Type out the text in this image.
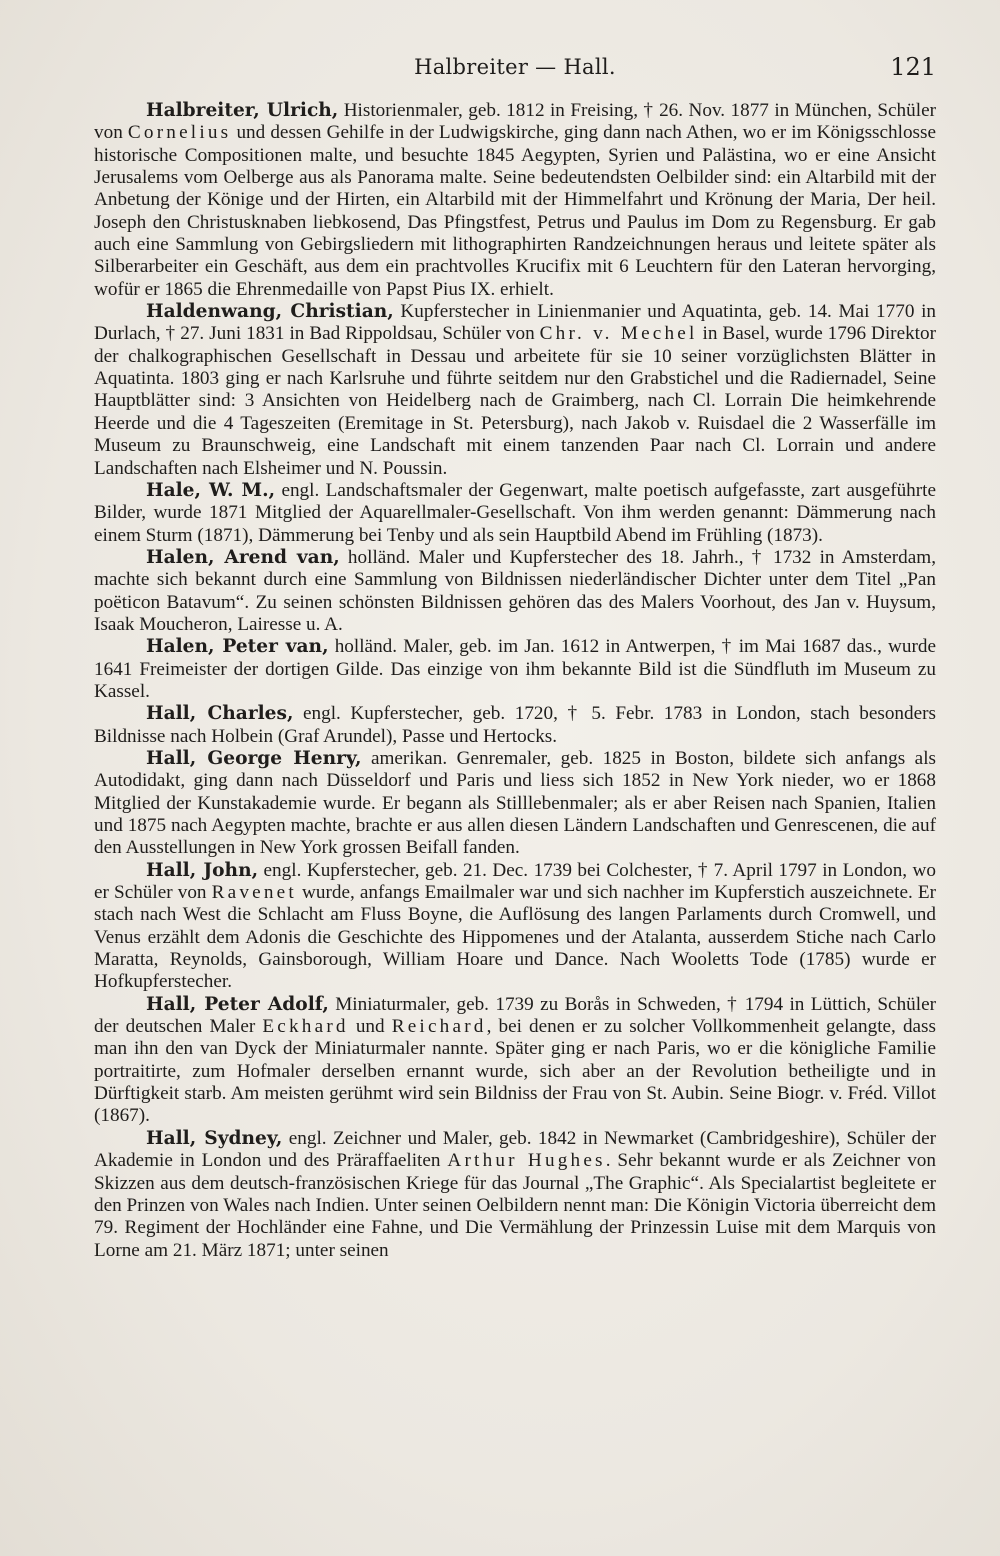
Halbreiter — Hall.	121

Halbreiter, Ulrich, Historienmaler, geb. 1812 in Freising, † 26. Nov. 1877 in München, Schüler von Cornelius und dessen Gehilfe in der Ludwigskirche, ging dann nach Athen, wo er im Königsschlosse historische Compositionen malte, und besuchte 1845 Aegypten, Syrien und Palästina, wo er eine Ansicht Jerusalems vom Oelberge aus als Panorama malte. Seine bedeutendsten Oelbilder sind: ein Altarbild mit der Anbetung der Könige und der Hirten, ein Altarbild mit der Himmelfahrt und Krönung der Maria, Der heil. Joseph den Christusknaben liebkosend, Das Pfingstfest, Petrus und Paulus im Dom zu Regensburg. Er gab auch eine Sammlung von Gebirgsliedern mit lithographirten Randzeichnungen heraus und leitete später als Silberarbeiter ein Geschäft, aus dem ein prachtvolles Krucifix mit 6 Leuchtern für den Lateran hervorging, wofür er 1865 die Ehrenmedaille von Papst Pius IX. erhielt.

Haldenwang, Christian, Kupferstecher in Linienmanier und Aquatinta, geb. 14. Mai 1770 in Durlach, † 27. Juni 1831 in Bad Rippoldsau, Schüler von Chr. v. Mechel in Basel, wurde 1796 Direktor der chalkographischen Gesellschaft in Dessau und arbeitete für sie 10 seiner vorzüglichsten Blätter in Aquatinta. 1803 ging er nach Karlsruhe und führte seitdem nur den Grabstichel und die Radiernadel, Seine Hauptblätter sind: 3 Ansichten von Heidelberg nach de Graimberg, nach Cl. Lorrain Die heimkehrende Heerde und die 4 Tageszeiten (Eremitage in St. Petersburg), nach Jakob v. Ruisdael die 2 Wasserfälle im Museum zu Braunschweig, eine Landschaft mit einem tanzenden Paar nach Cl. Lorrain und andere Landschaften nach Elsheimer und N. Poussin.

Hale, W. M., engl. Landschaftsmaler der Gegenwart, malte poetisch aufgefasste, zart ausgeführte Bilder, wurde 1871 Mitglied der Aquarellmaler-Gesellschaft. Von ihm werden genannt: Dämmerung nach einem Sturm (1871), Dämmerung bei Tenby und als sein Hauptbild Abend im Frühling (1873).

Halen, Arend van, holländ. Maler und Kupferstecher des 18. Jahrh., † 1732 in Amsterdam, machte sich bekannt durch eine Sammlung von Bildnissen niederländischer Dichter unter dem Titel „Pan poëticon Batavum“. Zu seinen schönsten Bildnissen gehören das des Malers Voorhout, des Jan v. Huysum, Isaak Moucheron, Lairesse u. A.

Halen, Peter van, holländ. Maler, geb. im Jan. 1612 in Antwerpen, † im Mai 1687 das., wurde 1641 Freimeister der dortigen Gilde. Das einzige von ihm bekannte Bild ist die Sündfluth im Museum zu Kassel.

Hall, Charles, engl. Kupferstecher, geb. 1720, † 5. Febr. 1783 in London, stach besonders Bildnisse nach Holbein (Graf Arundel), Passe und Hertocks.

Hall, George Henry, amerikan. Genremaler, geb. 1825 in Boston, bildete sich anfangs als Autodidakt, ging dann nach Düsseldorf und Paris und liess sich 1852 in New York nieder, wo er 1868 Mitglied der Kunstakademie wurde. Er begann als Stilllebenmaler; als er aber Reisen nach Spanien, Italien und 1875 nach Aegypten machte, brachte er aus allen diesen Ländern Landschaften und Genrescenen, die auf den Ausstellungen in New York grossen Beifall fanden.

Hall, John, engl. Kupferstecher, geb. 21. Dec. 1739 bei Colchester, † 7. April 1797 in London, wo er Schüler von Ravenet wurde, anfangs Emailmaler war und sich nachher im Kupferstich auszeichnete. Er stach nach West die Schlacht am Fluss Boyne, die Auflösung des langen Parlaments durch Cromwell, und Venus erzählt dem Adonis die Geschichte des Hippomenes und der Atalanta, ausserdem Stiche nach Carlo Maratta, Reynolds, Gainsborough, William Hoare und Dance. Nach Wooletts Tode (1785) wurde er Hofkupferstecher.

Hall, Peter Adolf, Miniaturmaler, geb. 1739 zu Borås in Schweden, † 1794 in Lüttich, Schüler der deutschen Maler Eckhard und Reichard, bei denen er zu solcher Vollkommenheit gelangte, dass man ihn den van Dyck der Miniaturmaler nannte. Später ging er nach Paris, wo er die königliche Familie portraitirte, zum Hofmaler derselben ernannt wurde, sich aber an der Revolution betheiligte und in Dürftigkeit starb. Am meisten gerühmt wird sein Bildniss der Frau von St. Aubin. Seine Biogr. v. Fréd. Villot (1867).

Hall, Sydney, engl. Zeichner und Maler, geb. 1842 in Newmarket (Cambridgeshire), Schüler der Akademie in London und des Präraffaeliten Arthur Hughes. Sehr bekannt wurde er als Zeichner von Skizzen aus dem deutsch-französischen Kriege für das Journal „The Graphic“. Als Specialartist begleitete er den Prinzen von Wales nach Indien. Unter seinen Oelbildern nennt man: Die Königin Victoria überreicht dem 79. Regiment der Hochländer eine Fahne, und Die Vermählung der Prinzessin Luise mit dem Marquis von Lorne am 21. März 1871; unter seinen
